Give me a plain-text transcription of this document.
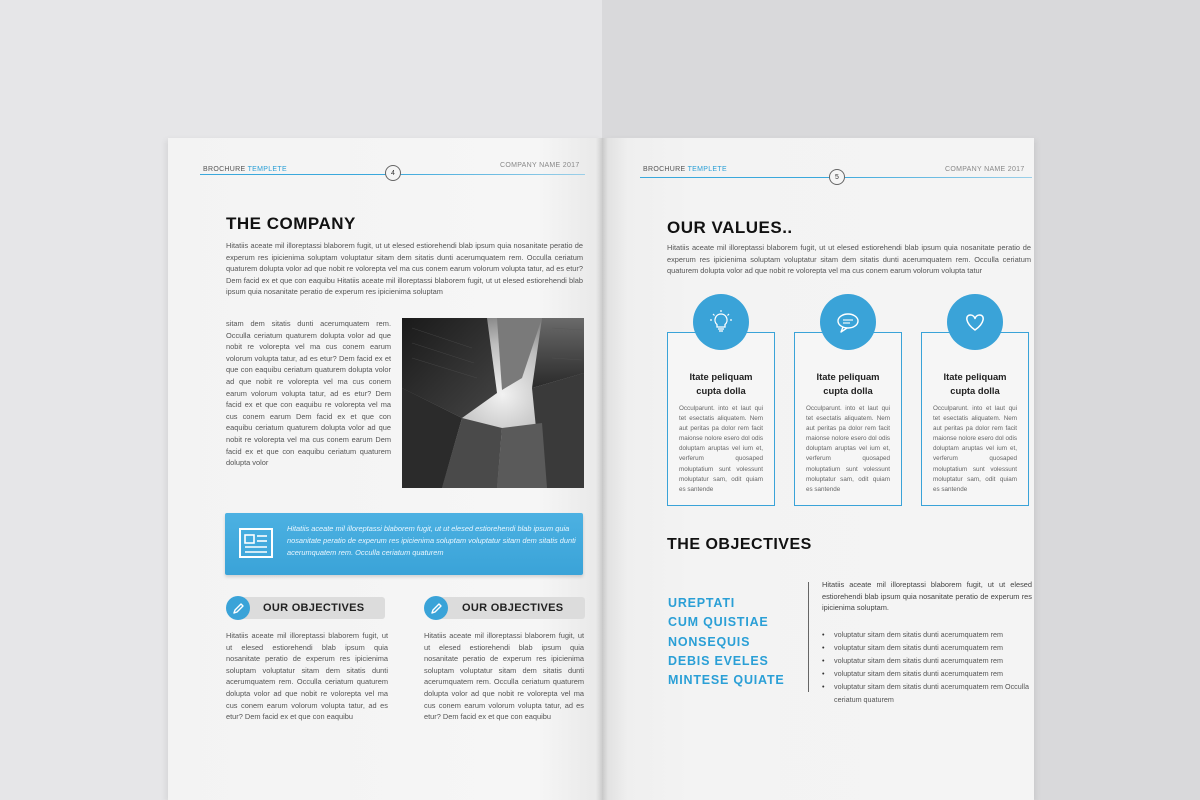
BROCHURE TEMPLETE
COMPANY NAME 2017
4
THE COMPANY
Hitatiis aceate mil illoreptassi blaborem fugit, ut ut elesed estiorehendi blab ipsum quia nosanitate peratio de experum res ipicienima soluptam voluptatur sitam dem sitatis dunti acerumquatem rem. Occulla ceriatum quaturem dolupta volor ad que nobit re volorepta vel ma cus conem earum volorum volupta tatur, ad es etur? Dem facid ex et que con eaquibu Hitatiis aceate mil illoreptassi blaborem fugit, ut ut elesed estiorehendi blab ipsum quia nosanitate peratio de experum res ipicienima soluptam
sitam dem sitatis dunti acerumquatem rem. Occulla ceriatum quaturem dolupta volor ad que nobit re volorepta vel ma cus conem earum volorum volupta tatur, ad es etur? Dem facid ex et que con eaquibu ceriatum quaturem dolupta volor ad que nobit re volorepta vel ma cus conem earum volorum volupta tatur, ad es etur? Dem facid ex et que con eaquibu re volorepta vel ma cus conem earum Dem facid ex et que con eaquibu ceriatum quaturem dolupta volor ad que nobit re volorepta vel ma cus conem earum Dem facid ex et que con eaquibu ceriatum quaturem dolupta volor
Hitatiis aceate mil illoreptassi blaborem fugit, ut ut elesed estiorehendi blab ipsum quia nosanitate peratio de experum res ipicienima soluptam voluptatur sitam dem sitatis dunti acerumquatem rem. Occulla ceriatum quaturem
OUR OBJECTIVES
Hitatiis aceate mil illoreptassi blaborem fugit, ut ut elesed estiorehendi blab ipsum quia nosanitate peratio de experum res ipicienima soluptam voluptatur sitam dem sitatis dunti acerumquatem rem. Occulla ceriatum quaturem dolupta volor ad que nobit re volorepta vel ma cus conem earum volorum volupta tatur, ad es etur? Dem facid ex et que con eaquibu
OUR OBJECTIVES
Hitatiis aceate mil illoreptassi blaborem fugit, ut ut elesed estiorehendi blab ipsum quia nosanitate peratio de experum res ipicienima soluptam voluptatur sitam dem sitatis dunti acerumquatem rem. Occulla ceriatum quaturem dolupta volor ad que nobit re volorepta vel ma cus conem earum volorum volupta tatur, ad es etur? Dem facid ex et que con eaquibu
BROCHURE TEMPLETE	COMPANY NAME 2017
5
OUR VALUES..
Hitatiis aceate mil illoreptassi blaborem fugit, ut ut elesed estiorehendi blab ipsum quia nosanitate peratio de experum res ipicienima soluptam voluptatur sitam dem sitatis dunti acerumquatem rem. Occulla ceriatum quaturem dolupta volor ad que nobit re volorepta vel ma cus conem earum volorum volupta tatur
Itate peliquam
cupta dolla
Occulparunt. into et laut qui tet esectatis aliquatem. Nem aut peritas pa dolor rem facit maionse nolore esero dol odis doluptam aruptas vel ium et, verferum quosaped moluptatium sunt volessunt moluptatur sam, odit quiam es santende
Itate peliquam
cupta dolla
Occulparunt. into et laut qui tet esectatis aliquatem. Nem aut peritas pa dolor rem facit maionse nolore esero dol odis doluptam aruptas vel ium et, verferum quosaped moluptatium sunt volessunt moluptatur sam, odit quiam es santende
Itate peliquam
cupta dolla
Occulparunt. into et laut qui tet esectatis aliquatem. Nem aut peritas pa dolor rem facit maionse nolore esero dol odis doluptam aruptas vel ium et, verferum quosaped moluptatium sunt volessunt moluptatur sam, odit quiam es santende
THE OBJECTIVES
UREPTATI
CUM QUISTIAE
NONSEQUIS
DEBIS EVELES
MINTESE QUIATE
Hitatiis aceate mil illoreptassi blaborem fugit, ut ut elesed estiorehendi blab ipsum quia nosanitate peratio de experum res ipicienima soluptam.
• voluptatur sitam dem sitatis dunti acerumquatem rem
• voluptatur sitam dem sitatis dunti acerumquatem rem
• voluptatur sitam dem sitatis dunti acerumquatem rem
• voluptatur sitam dem sitatis dunti acerumquatem rem
• voluptatur sitam dem sitatis dunti acerumquatem rem Occulla ceriatum quaturem
